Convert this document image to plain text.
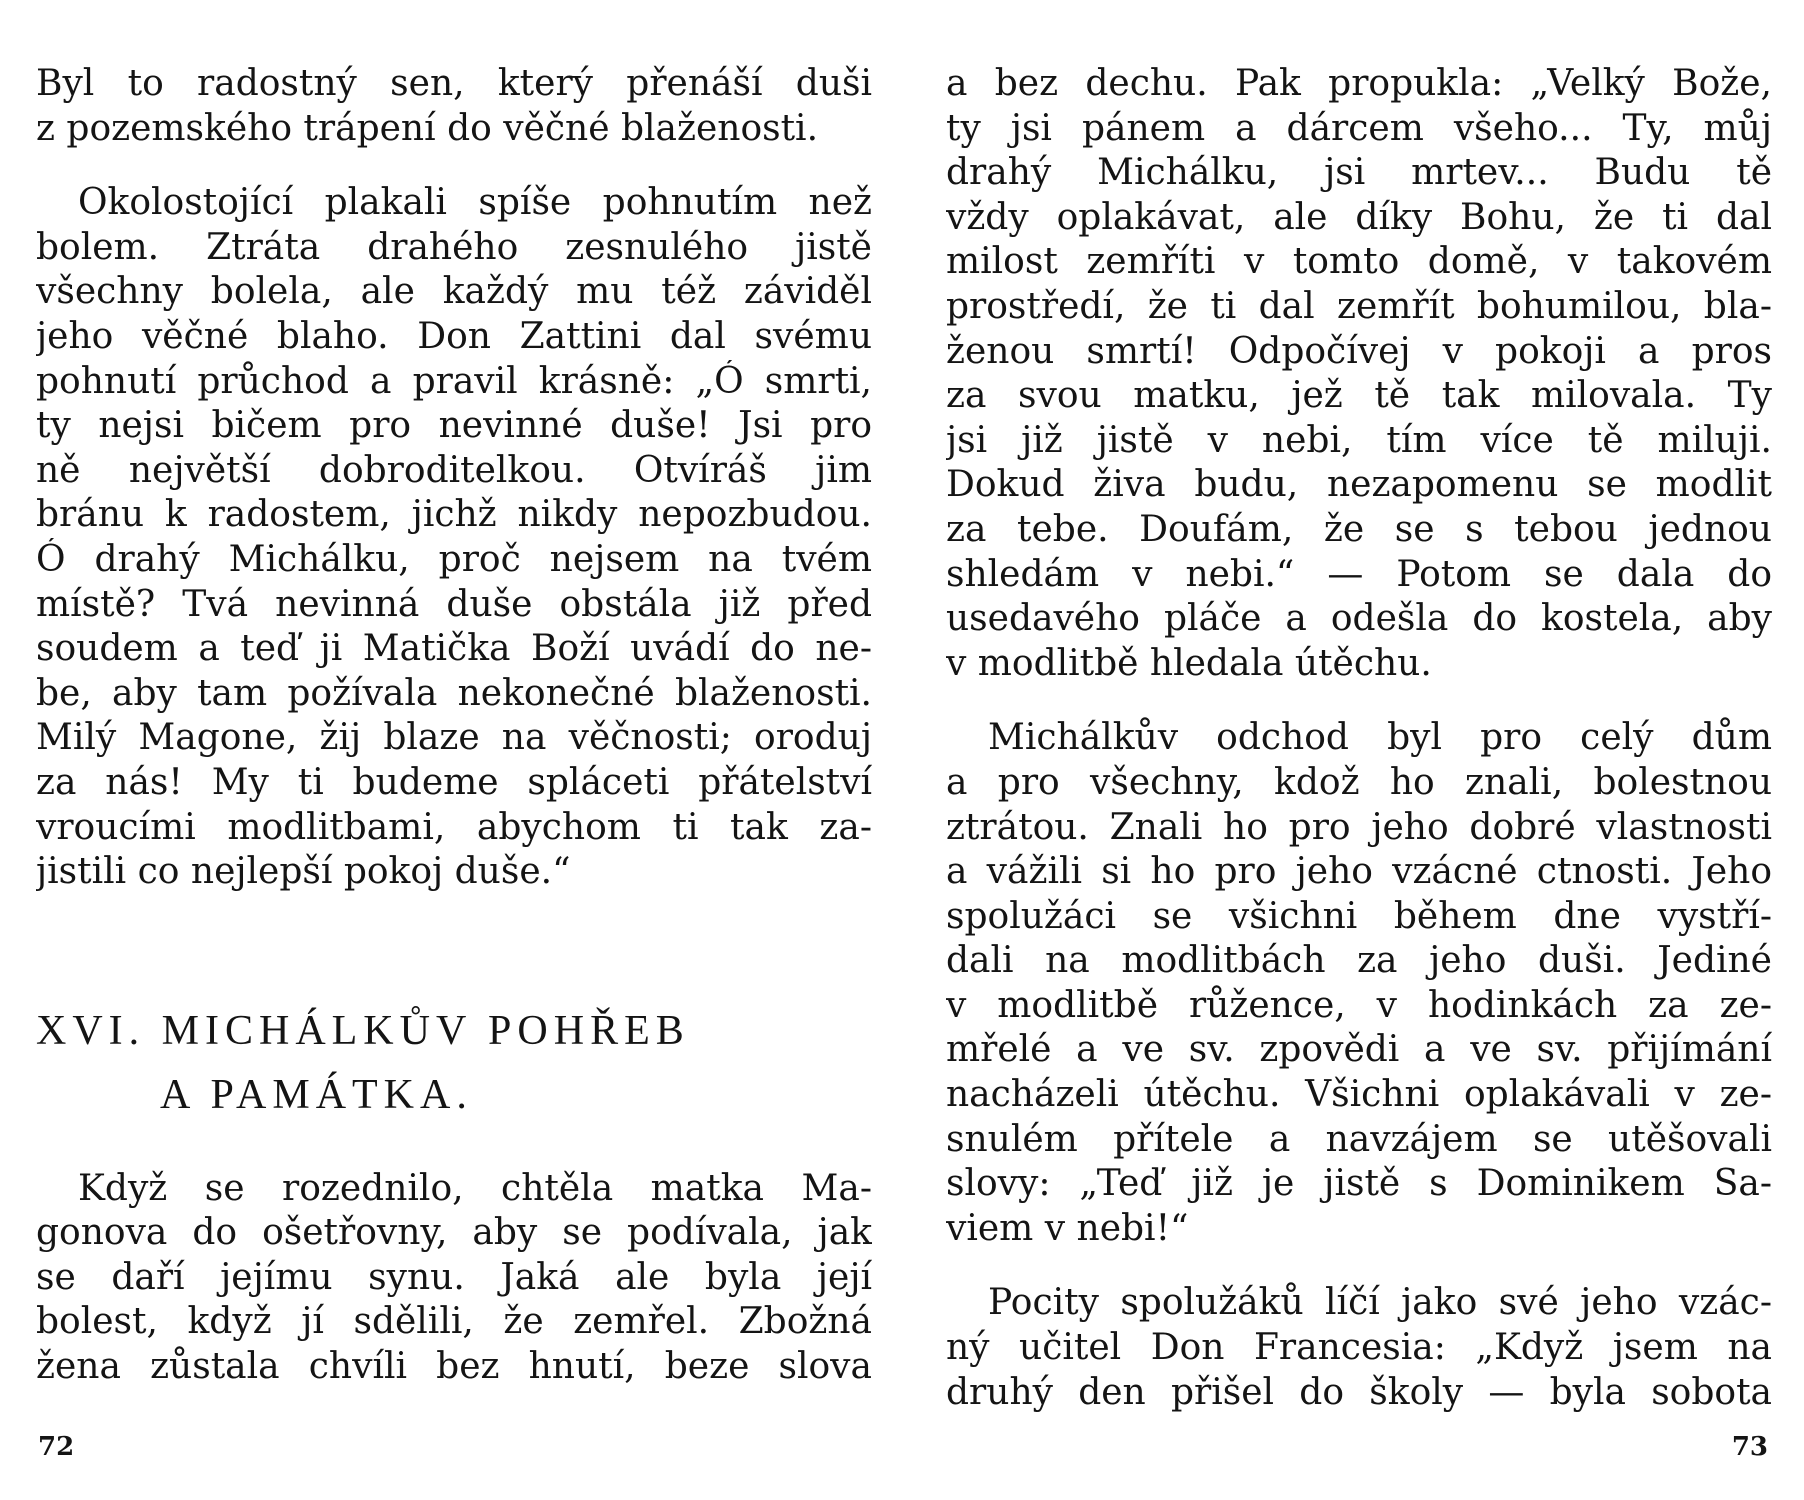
Byl to radostný sen, který přenáší duši
z pozemského trápení do věčné blaženosti.
Okolostojící plakali spíše pohnutím než
bolem. Ztráta drahého zesnulého jistě
všechny bolela, ale každý mu též záviděl
jeho věčné blaho. Don Zattini dal svému
pohnutí průchod a pravil krásně: „Ó smrti,
ty nejsi bičem pro nevinné duše! Jsi pro
ně největší dobroditelkou. Otvíráš jim
bránu k radostem, jichž nikdy nepozbudou.
Ó drahý Michálku, proč nejsem na tvém
místě? Tvá nevinná duše obstála již před
soudem a teď ji Matička Boží uvádí do ne-
be, aby tam požívala nekonečné blaženosti.
Milý Magone, žij blaze na věčnosti; oroduj
za nás! My ti budeme spláceti přátelství
vroucími modlitbami, abychom ti tak za-
jistili co nejlepší pokoj duše.“
XVI. MICHÁLKŮV POHŘEB
A PAMÁTKA.
Když se rozednilo, chtěla matka Ma-
gonova do ošetřovny, aby se podívala, jak
se daří jejímu synu. Jaká ale byla její
bolest, když jí sdělili, že zemřel. Zbožná
žena zůstala chvíli bez hnutí, beze slova
72
a bez dechu. Pak propukla: „Velký Bože,
ty jsi pánem a dárcem všeho... Ty, můj
drahý Michálku, jsi mrtev... Budu tě
vždy oplakávat, ale díky Bohu, že ti dal
milost zemříti v tomto domě, v takovém
prostředí, že ti dal zemřít bohumilou, bla-
ženou smrtí! Odpočívej v pokoji a pros
za svou matku, jež tě tak milovala. Ty
jsi již jistě v nebi, tím více tě miluji.
Dokud živa budu, nezapomenu se modlit
za tebe. Doufám, že se s tebou jednou
shledám v nebi.“ — Potom se dala do
usedavého pláče a odešla do kostela, aby
v modlitbě hledala útěchu.
Michálkův odchod byl pro celý dům
a pro všechny, kdož ho znali, bolestnou
ztrátou. Znali ho pro jeho dobré vlastnosti
a vážili si ho pro jeho vzácné ctnosti. Jeho
spolužáci se všichni během dne vystří-
dali na modlitbách za jeho duši. Jediné
v modlitbě růžence, v hodinkách za ze-
mřelé a ve sv. zpovědi a ve sv. přijímání
nacházeli útěchu. Všichni oplakávali v ze-
snulém přítele a navzájem se utěšovali
slovy: „Teď již je jistě s Dominikem Sa-
viem v nebi!“
Pocity spolužáků líčí jako své jeho vzác-
ný učitel Don Francesia: „Když jsem na
druhý den přišel do školy — byla sobota
73
